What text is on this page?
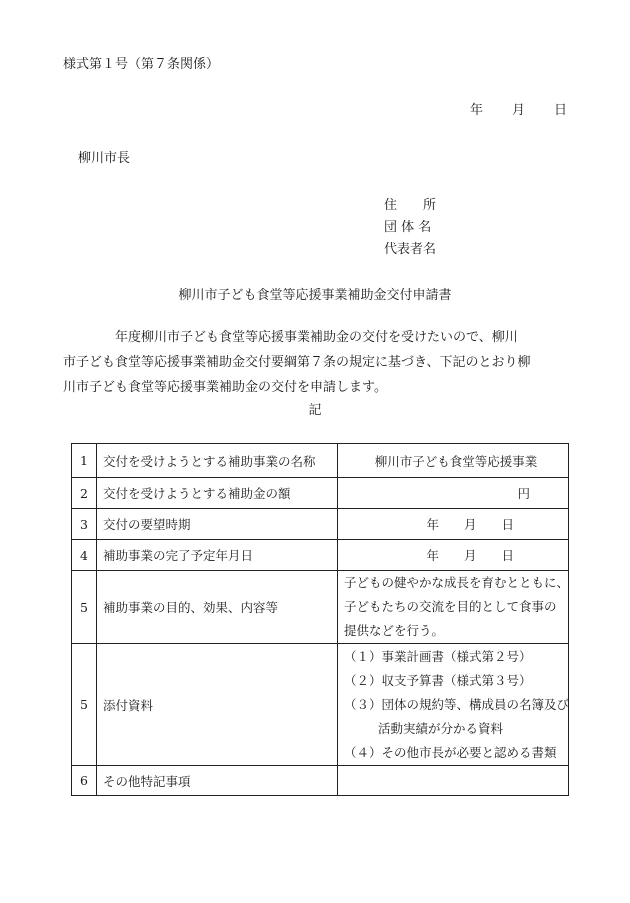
様式第１号（第７条関係）
年 月 日
柳川市長
住　　所
団 体 名
代表者名
柳川市子ども食堂等応援事業補助金交付申請書
年度柳川市子ども食堂等応援事業補助金の交付を受けたいので、柳川
市子ども食堂等応援事業補助金交付要綱第７条の規定に基づき、下記のとおり柳
川市子ども食堂等応援事業補助金の交付を申請します。
記
1	交付を受けようとする補助事業の名称	柳川市子ども食堂等応援事業
2	交付を受けようとする補助金の額	円
3	交付の要望時期	年　　月　　日
4	補助事業の完了予定年月日	年　　月　　日
5	補助事業の目的、効果、内容等	子どもの健やかな成長を育むとともに、
子どもたちの交流を目的として食事の
提供などを行う。

5	添付資料	（１）事業計画書（様式第２号）
（２）収支予算書（様式第３号）
（３）団体の規約等、構成員の名簿及び
活動実績が分かる資料
（４）その他市長が必要と認める書類

6	その他特記事項	
